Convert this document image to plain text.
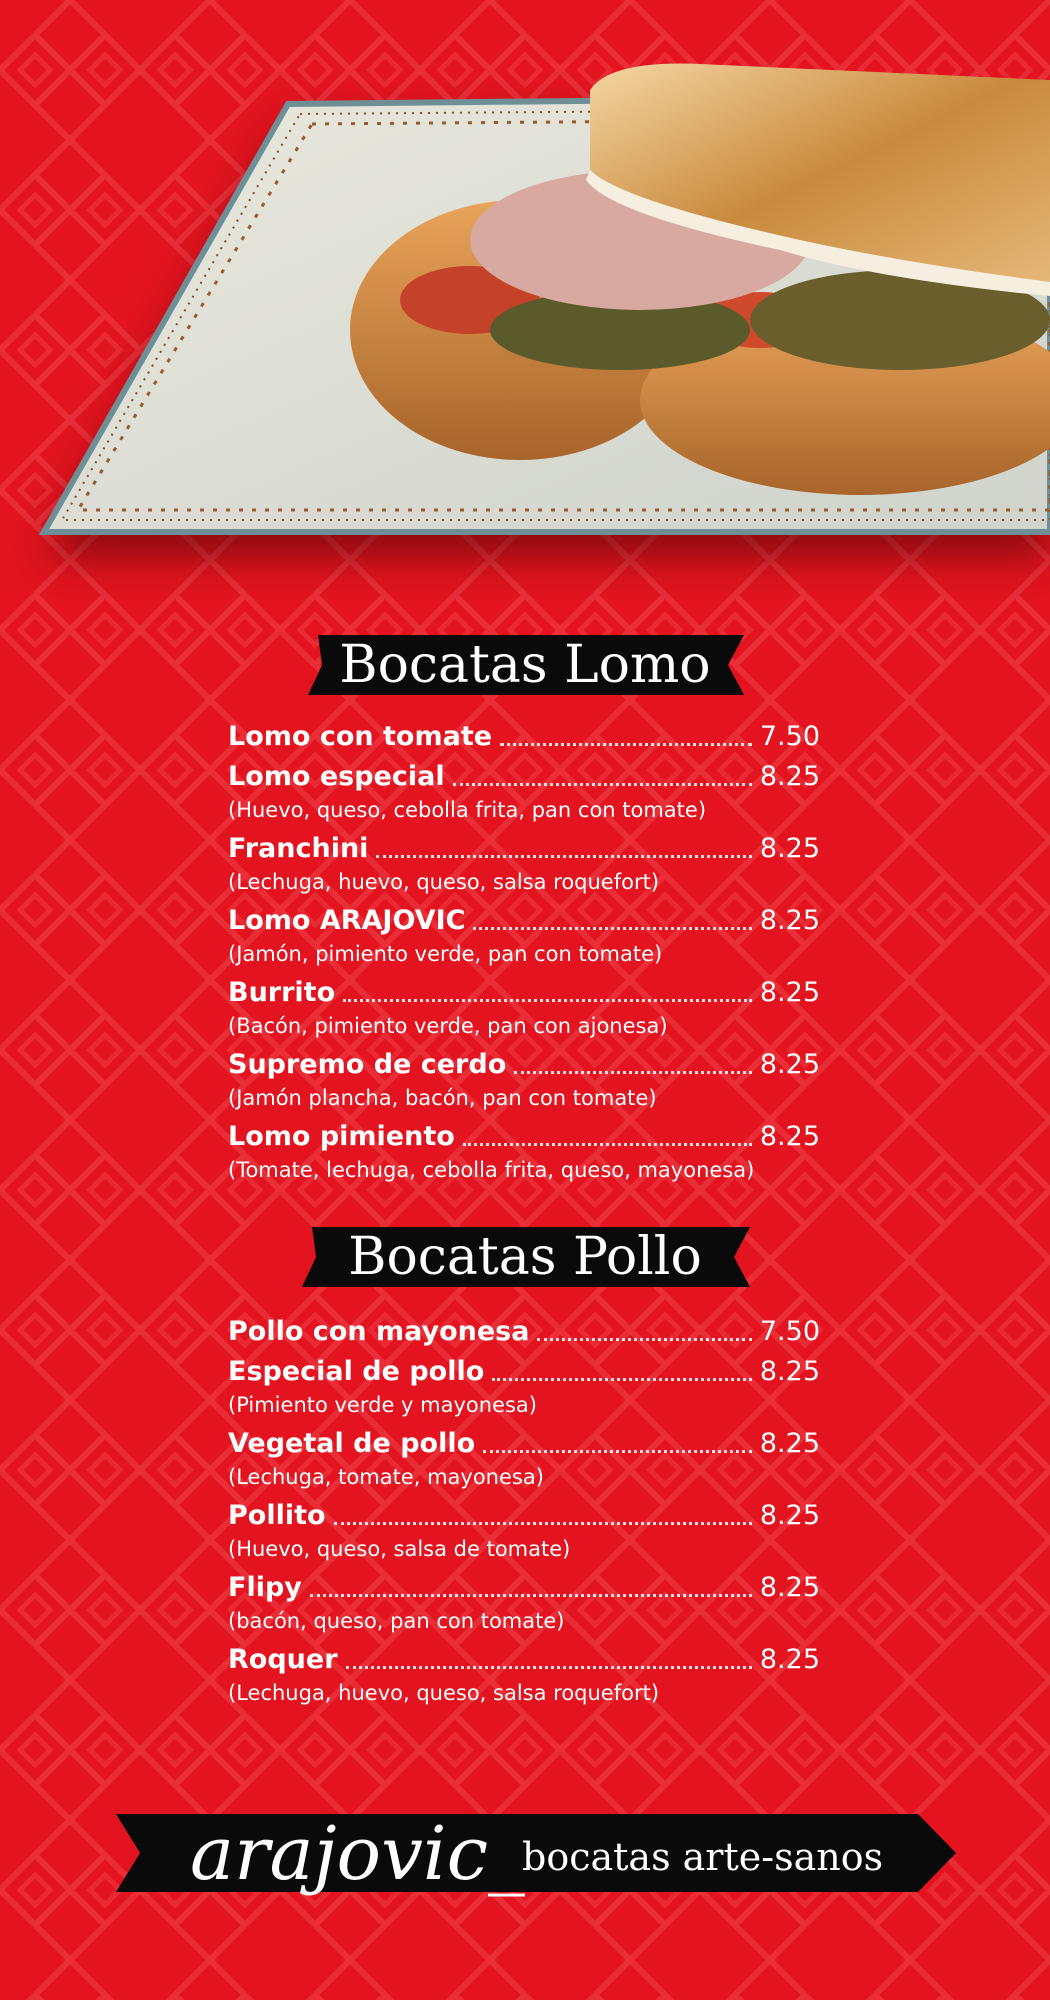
Bocatas Lomo
Lomo con tomate	7.50
Lomo especial	8.25
(Huevo, queso, cebolla frita, pan con tomate)
Franchini	8.25
(Lechuga, huevo, queso, salsa roquefort)
Lomo ARAJOVIC	8.25
(Jamón, pimiento verde, pan con tomate)
Burrito	8.25
(Bacón, pimiento verde, pan con ajonesa)
Supremo de cerdo	8.25
(Jamón plancha, bacón, pan con tomate)
Lomo pimiento	8.25
(Tomate, lechuga, cebolla frita, queso, mayonesa)
Bocatas Pollo
Pollo con mayonesa	7.50
Especial de pollo	8.25
(Pimiento verde y mayonesa)
Vegetal de pollo	8.25
(Lechuga, tomate, mayonesa)
Pollito	8.25
(Huevo, queso, salsa de tomate)
Flipy	8.25
(bacón, queso, pan con tomate)
Roquer	8.25
(Lechuga, huevo, queso, salsa roquefort)
arajovic_
bocatas arte-sanos
